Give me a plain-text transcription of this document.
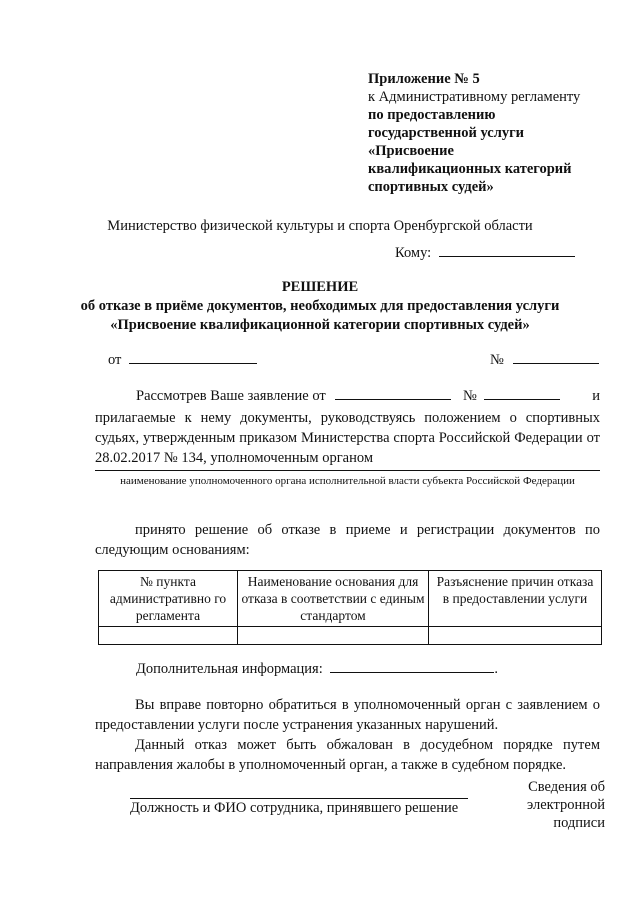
Приложение № 5
к Административному регламенту
по предоставлению
государственной услуги
«Присвоение
квалификационных категорий
спортивных судей»
Министерство физической культуры и спорта Оренбургской области
Кому:
РЕШЕНИЕ
об отказе в приёме документов, необходимых для предоставления услуги
«Присвоение квалификационной категории спортивных судей»
от	№
Рассмотрев Ваше заявление от	№	и
прилагаемые к нему документы, руководствуясь положением о спортивных судьях, утвержденным приказом Министерства спорта Российской Федерации от 28.02.2017 № 134, уполномоченным органом
наименование уполномоченного органа исполнительной власти субъекта Российской Федерации
принято решение об отказе в приеме и регистрации документов по следующим основаниям:
№ пункта административно го регламента	Наименование основания для отказа в соответствии с единым стандартом	Разъяснение причин отказа в предоставлении услуги

Дополнительная информация:	.
Вы вправе повторно обратиться в уполномоченный орган с заявлением о предоставлении услуги после устранения указанных нарушений.
Данный отказ может быть обжалован в досудебном порядке путем направления жалобы в уполномоченный орган, а также в судебном порядке.
Должность и ФИО сотрудника, принявшего решение
Сведения об электронной подписи
